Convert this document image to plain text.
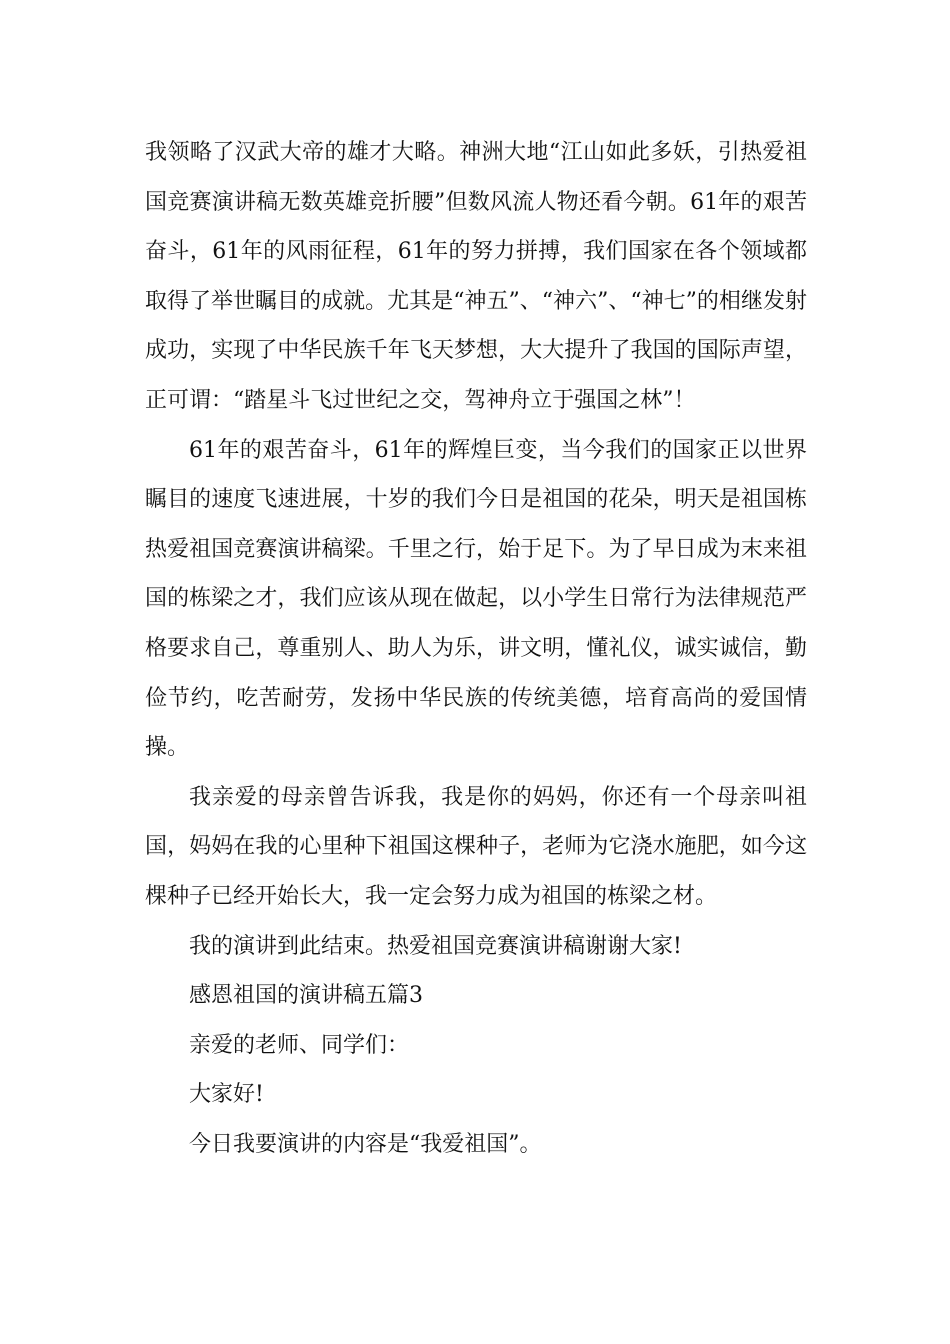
我领略了汉武大帝的雄才大略。神洲大地“江山如此多妖，引热爱祖国竞赛演讲稿无数英雄竞折腰”但数风流人物还看今朝。61年的艰苦奋斗，61年的风雨征程，61年的努力拼搏，我们国家在各个领域都取得了举世瞩目的成就。尤其是“神五”、“神六”、“神七”的相继发射成功，实现了中华民族千年飞天梦想，大大提升了我国的国际声望，正可谓：“踏星斗飞过世纪之交，驾神舟立于强国之林”！

61年的艰苦奋斗，61年的辉煌巨变，当今我们的国家正以世界瞩目的速度飞速进展，十岁的我们今日是祖国的花朵，明天是祖国栋热爱祖国竞赛演讲稿梁。千里之行，始于足下。为了早日成为末来祖国的栋梁之才，我们应该从现在做起，以小学生日常行为法律规范严格要求自己，尊重别人、助人为乐，讲文明，懂礼仪，诚实诚信，勤俭节约，吃苦耐劳，发扬中华民族的传统美德，培育高尚的爱国情操。

我亲爱的母亲曾告诉我，我是你的妈妈，你还有一个母亲叫祖国，妈妈在我的心里种下祖国这棵种子，老师为它浇水施肥，如今这棵种子已经开始长大，我一定会努力成为祖国的栋梁之材。

我的演讲到此结束。热爱祖国竞赛演讲稿谢谢大家!

感恩祖国的演讲稿五篇3

亲爱的老师、同学们：

大家好!

今日我要演讲的内容是“我爱祖国”。
